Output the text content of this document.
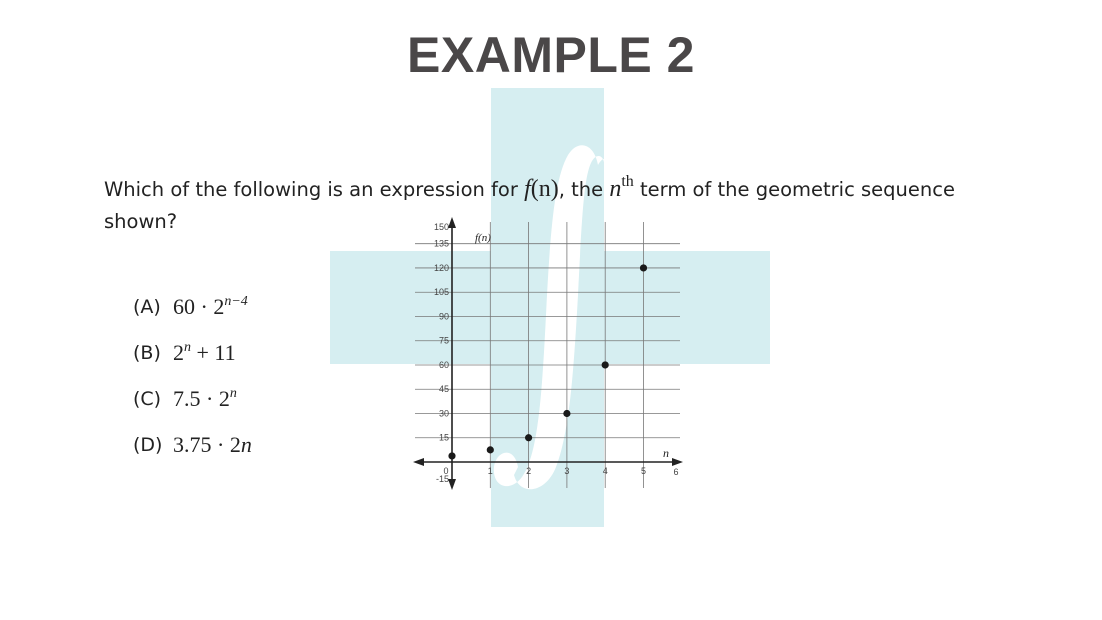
EXAMPLE 2
Which of the following is an expression for f(n), the $n^{th}$ term of the geometric sequence shown?
(A) $60 \cdot 2^{n-4}$
(B) $2^n + 11$
(C) $7.5 \cdot 2^n$
(D) 3.75 · 2n
-15
15
30
45
60
75
90
105
120
135
150
0	1	2	3	4	5	6
f(n)
n
